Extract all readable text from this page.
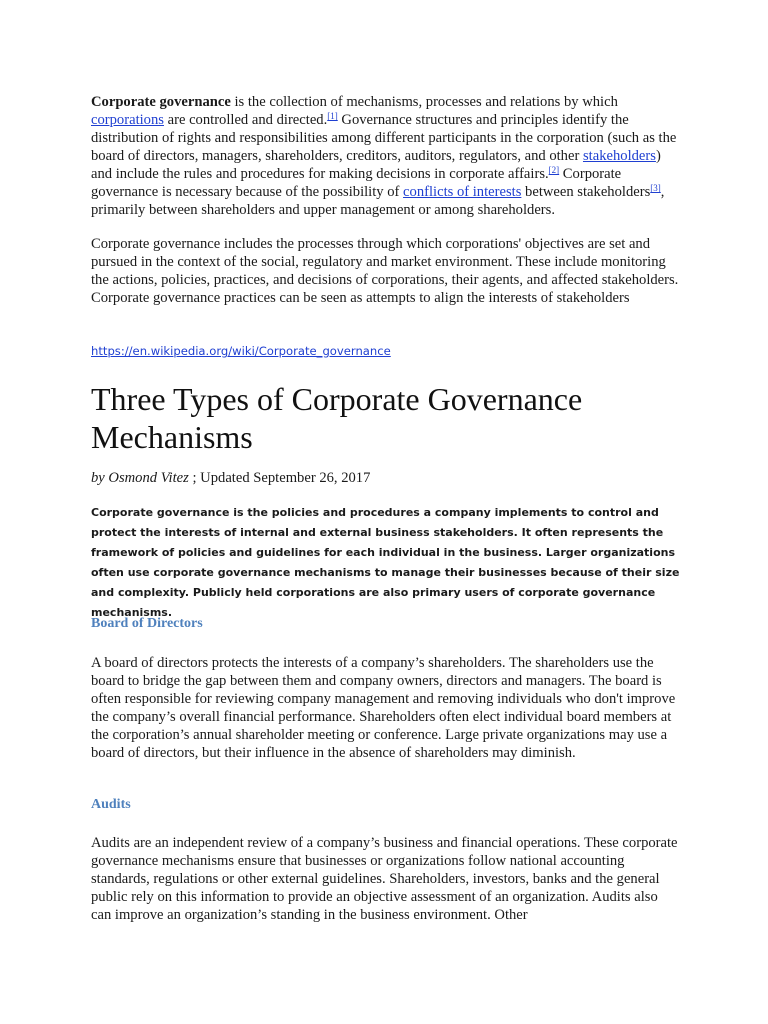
Corporate governance is the collection of mechanisms, processes and relations by which corporations are controlled and directed.[1] Governance structures and principles identify the distribution of rights and responsibilities among different participants in the corporation (such as the board of directors, managers, shareholders, creditors, auditors, regulators, and other stakeholders) and include the rules and procedures for making decisions in corporate affairs.[2] Corporate governance is necessary because of the possibility of conflicts of interests between stakeholders[3], primarily between shareholders and upper management or among shareholders.

Corporate governance includes the processes through which corporations' objectives are set and pursued in the context of the social, regulatory and market environment. These include monitoring the actions, policies, practices, and decisions of corporations, their agents, and affected stakeholders. Corporate governance practices can be seen as attempts to align the interests of stakeholders

https://en.wikipedia.org/wiki/Corporate_governance
Three Types of Corporate Governance Mechanisms
by Osmond Vitez ; Updated September 26, 2017

Corporate governance is the policies and procedures a company implements to control and protect the interests of internal and external business stakeholders. It often represents the framework of policies and guidelines for each individual in the business. Larger organizations often use corporate governance mechanisms to manage their businesses because of their size and complexity. Publicly held corporations are also primary users of corporate governance mechanisms.

Board of Directors

A board of directors protects the interests of a company’s shareholders. The shareholders use the board to bridge the gap between them and company owners, directors and managers. The board is often responsible for reviewing company management and removing individuals who don't improve the company’s overall financial performance. Shareholders often elect individual board members at the corporation’s annual shareholder meeting or conference. Large private organizations may use a board of directors, but their influence in the absence of shareholders may diminish.

Audits

Audits are an independent review of a company’s business and financial operations. These corporate governance mechanisms ensure that businesses or organizations follow national accounting standards, regulations or other external guidelines. Shareholders, investors, banks and the general public rely on this information to provide an objective assessment of an organization. Audits also can improve an organization’s standing in the business environment. Other
